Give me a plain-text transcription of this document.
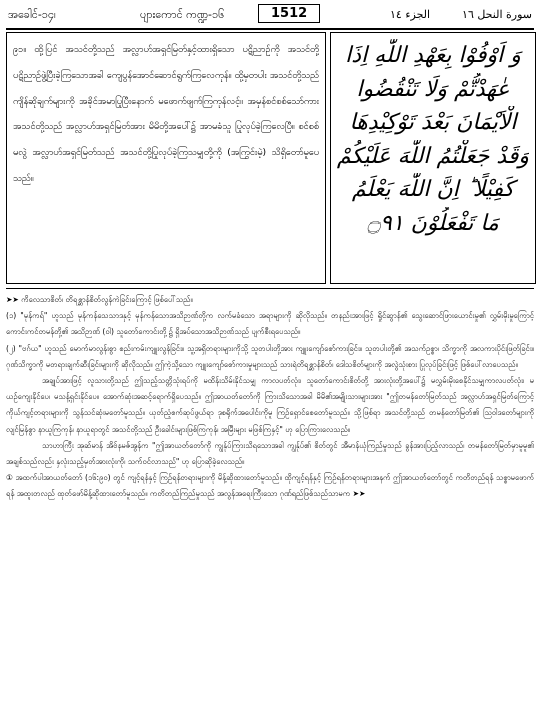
အခေါင်-၁၄၊	ပျားကောင် ကဏ္ဍ-၁၆	1512	الجزء ١٤	سورة النحل ١٦

၉၁။ ထို့ပြင် အသင်တို့သည် အလ္လာဟ်အရှင်မြတ်နှင့်ထားရှိသော ပဋိညာဉ်ကို အသင်တို့ ပဋိညာဉ်ဖွဲ့ပြီးခဲ့ကြသောအခါ ကျေပွန်အောင်ဆောင်ရွက်ကြလေကုန်။ ထို့မှတပါး အသင်တို့သည် ကျိန်ဆိုချက်များကို အခိုင်အမာပြုပြီးနောက် မဖောက်ဖျက်ကြကုန်လင့်။ အမှန်စင်စစ်သော်ကား အသင်တို့သည် အလ္လာဟ်အရှင်မြတ်အား မိမိတို့အပေါ်၌ အာမခံသူ ပြုလုပ်ခဲ့ကြလေပြီ။ စင်စစ်မလွဲ အလ္လာဟ်အရှင်မြတ်သည် အသင်တို့ပြုလုပ်ခဲ့ကြသမျှတို့ကို (အကြွင်းမဲ့) သိရှိတော်မူပေသည်။

وَ اَوْفُوْا بِعَهْدِ اللّٰهِ اِذَا
عٰهَدْتُّمْ وَلَا تَنْقُضُوا
الْاَيْمَانَ بَعْدَ تَوْكِيْدِهَا
وَقَدْ جَعَلْتُمُ اللّٰهَ عَلَيْكُمْ
كَفِيْلًا ؕ اِنَّ اللّٰهَ يَعْلَمُ
مَا تَفْعَلُوْنَ ۝٩١

➤➤ ကိလေသာစိတ်၊ တိရစ္ဆာန်စိတ်လွန်ကဲခြင်းကြောင့် ဖြစ်ပေါ်သည်။

(၁) "မုန်ကရ်" ဟူသည် မုန်ကန်သေသာဒနှင့် မုန်ကန်သောအသိဉာဏ်တို့က လက်မခံသော အရာများကို ဆိုလိုသည်။ တနည်းအားဖြင့် ရှိုင်ဆွာန်၏ သွေးဆောင်ဖြားယောင်းမှု၏ လွှမ်းမိုးမှုကြောင့် ကောင်းကင်တမန်တို့၏ အသိဉာဏ် (ဝါ) သူတော်ကောင်းတို့၌ ရှိအပ်သောအသိဉာဏ်သည် ပျက်စီးရပေသည်။

(၂) "ဗဂ်ယ" ဟူသည် မောက်မာလွန်းစွာ စည်းကမ်းကျူးလွန်ခြင်း။ သူ့အရှိတရားများကိုသို့ သူတပါးတို့အား ကျူးကျော်စော်ကားခြင်း။ သူတပါးတို့၏ အသက်ဥစ္စာ၊ သိက္ခာကို အလကားပိုင်းဖြတ်ခြင်း။ ဂုဏ်သိက္ခာကို မတရားချက်ဆီးခြင်းများကို ဆိုလိုသည်။ ဤကဲ့သို့သော ကျူးကျော်စော်ကားမှုများသည် သားရဲတိရစ္ဆာန်စိတ်၊ ဒေါသစိတ်များကို အလွဲသုံးစား ပြုလုပ်ခြင်းဖြင့် ဖြစ်ပေါ်လာပေသည်။

အချုပ်အားဖြင့် လူသားတို့သည် ဤသည့်သတ္တိသုံးရပ်ကို မထိန်းသိမ်းနိုင်သမျှ ကာလပတ်လုံး၊ သူတော်ကောင်းစိတ်တို့ အားလုံးတို့အပေါ်၌ မလွှမ်းမိုးစေနိုင်သမျှကာလပတ်လုံး၊ မယဉ်ကျေးနိုင်ပေ၊ မသန့်ရှင်းနိုင်ပေ။ အောက်ဆုံးအဆင့်ရောက်ရှိပေသည်။ ဤအာယတ်တော်ကို ကြားသိသောအခါ မိမိ၏အမျိုးသားများအား "ဤတမန်တော်မြတ်သည် အလ္လာဟ်အရှင်မြတ်ကြောင့် ကိုယ်ကျင့်တရားများကို သွန်သင်ဆုံးမတော်မူသည်။ ယုတ်ညံ့စက်ဆုပ်ဖွယ်ရာ ဒုစရိုက်အပေါင်းကိုမူ ကြဉ်ရှောင်စေတော်မူသည်။ သို့ဖြစ်ရာ အသင်တို့သည် တမန်တော်မြတ်၏ သြဝါဒတော်များကို လျင်မြန်စွာ နာယူကြကုန်၊ နာယူရာတွင် အသင်တို့သည် ဦးခေါင်းများဖြစ်ကြကုန်၊ အမြီးများ မဖြစ်ကြနှင့်" ဟု ပြောကြားလေသည်။

သာဟာကြီး အုဆ်မာန် အိဗ်နမဇ်အွန်က "ဤအာယတ်တော်ကို ကျွန်ုပ်ကြားသိရသောအခါ ကျွန်ုပ်၏ စိတ်တွင် အီမာန်ယုံကြည်မှုသည် ခွန်အားပြည့်လာသည်၊ တမန်တော်မြတ်မှာမူမူ၏ အချစ်သည်လည်း နှလုံးသည့်မှတ်အားလုံးကို၊ သက်ဝင်လာသည်" ဟု ပြောဆိုခဲ့လေသည်။

① အထက်ပါအာယတ်တော် (၁၆:၉၀) တွင် ကျင့်ရန်နှင့် ကြဉ်ရန်တရားများကို မိန့်ဆိုထားတော်မူသည်။ ထိုကျင့်ရန်နှင့် ကြဉ်ရန်တရားများအနက် ဤအာယတ်တော်တွင် ကတိတည်ရန် သစ္စာမဖောက်ရန် အထူးတလည် ထုတ်ဖော်မိန့်ဆိုထားတော်မူသည်။ ကတိတည်ကြည်မှုသည် အလွန်အရေးကြီးသော ဂုဏ်ရည်ဖြစ်သည်သာမက ➤➤
